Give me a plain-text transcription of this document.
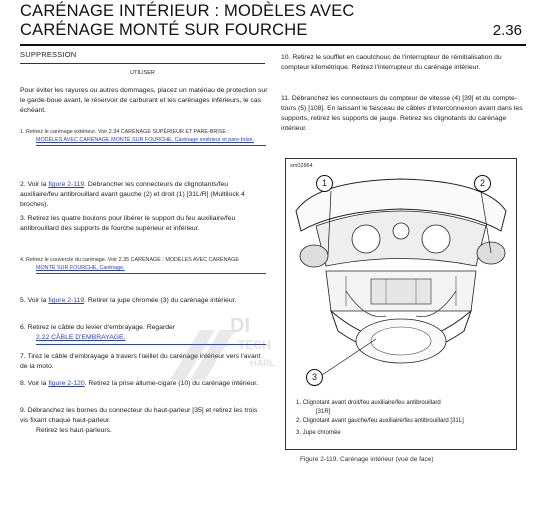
CARÉNAGE INTÉRIEUR : MODÈLES AVEC
CARÉNAGE MONTÉ SUR FOURCHE	2.36
SUPPRESSION
UTILISER

Pour éviter les rayures ou autres dommages, placez un matériau de protection sur le garde-boue avant, le réservoir de carburant et les carénages inférieurs, le cas échéant.

1. Retirez le carénage extérieur. Voir 2.34 CARÉNAGE SUPÉRIEUR ET PARE-BRISE :
MODÈLES AVEC CARÉNAGE MONTÉ SUR FOURCHE, Carénage extérieur et pare-brise.
2. Voir la figure 2-119. Débrancher les connecteurs de clignotants/feu auxiliaire/feu antibrouillard avant gauche (2) et droit (1) [31L/R] (Multilock 4 broches).
3. Retirez les quatre boulons pour libérer le support du feu auxiliaire/feu antibrouillard des supports de fourche supérieur et inférieur.
4. Retirez le couvercle du carénage. Voir 2.35 CARÉNAGE : MODÈLES AVEC CARÉNAGE
MONTÉ SUR FOURCHE, Carénage.
5. Voir la figure 2-119. Retirer la jupe chromée (3) du carénage intérieur.
6. Retirez le câble du levier d'embrayage. Regarder
2.22 CÂBLE D'EMBRAYAGE.
7. Tirez le câble d'embrayage à travers l'œillet du carénage intérieur vers l'avant de la moto.
8. Voir la figure 2-120. Retirez la prise allume-cigare (10) du carénage intérieur.
9. Débranchez les bornes du connecteur du haut-parleur [35] et retirez les trois vis fixant chaque haut-parleur.
Retirez les haut-parleurs.
10. Retirez le soufflet en caoutchouc de l'interrupteur de réinitialisation du compteur kilométrique. Retirez l'interrupteur du carénage intérieur.
11. Débranchez les connecteurs du compteur de vitesse (4) [39] et du compte-tours (5) [108]. En laissant le faisceau de câbles d'interconnexion avant dans les supports, retirez les supports de jauge. Retirez les clignotants du carénage intérieur.
sm02864
1	2
3
1. Clignotant avant droit/feu auxiliaire/feu antibrouillard
[31R]
2. Clignotant avant gauche/feu auxiliaire/feu antibrouillard [31L]
3. Jupe chromée
Figure 2-119. Carénage intérieur (vue de face)
DI
TECH
HARL
